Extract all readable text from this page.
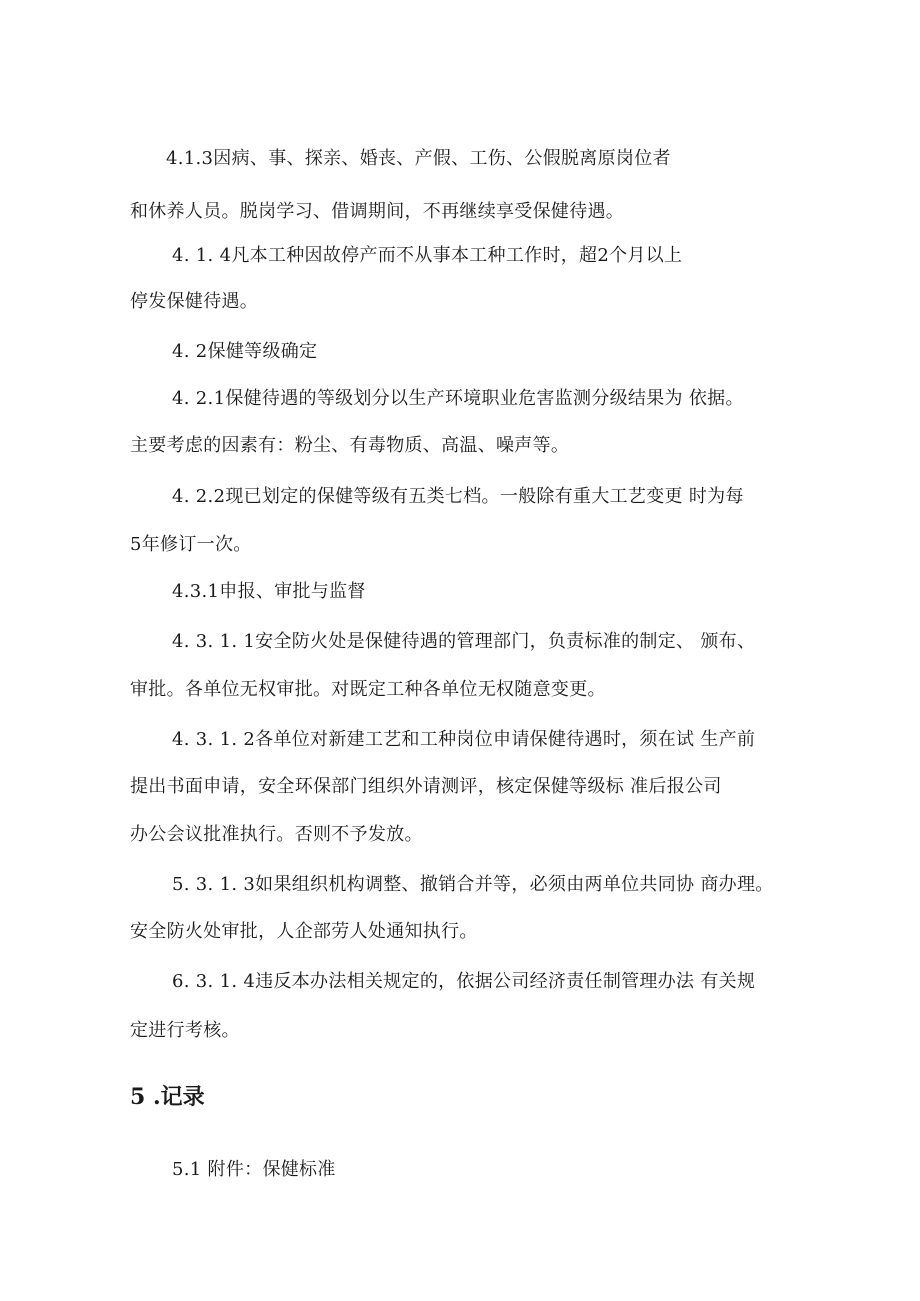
4.1.3因病、事、探亲、婚丧、产假、工伤、公假脱离原岗位者
和休养人员。脱岗学习、借调期间，不再继续享受保健待遇。
4. 1. 4凡本工种因故停产而不从事本工种工作时，超2个月以上
停发保健待遇。
4. 2保健等级确定
4. 2.1保健待遇的等级划分以生产环境职业危害监测分级结果为 依据。
主要考虑的因素有：粉尘、有毒物质、高温、噪声等。
4. 2.2现已划定的保健等级有五类七档。一般除有重大工艺变更 时为每
5年修订一次。
4.3.1申报、审批与监督
4. 3. 1. 1安全防火处是保健待遇的管理部门，负责标准的制定、 颁布、
审批。各单位无权审批。对既定工种各单位无权随意变更。
4. 3. 1. 2各单位对新建工艺和工种岗位申请保健待遇时，须在试 生产前
提出书面申请，安全环保部门组织外请测评，核定保健等级标 准后报公司
办公会议批准执行。否则不予发放。
5. 3. 1. 3如果组织机构调整、撤销合并等，必须由两单位共同协 商办理。
安全防火处审批，人企部劳人处通知执行。
6. 3. 1. 4违反本办法相关规定的，依据公司经济责任制管理办法 有关规
定进行考核。
5 .记录
5.1 附件：保健标准
